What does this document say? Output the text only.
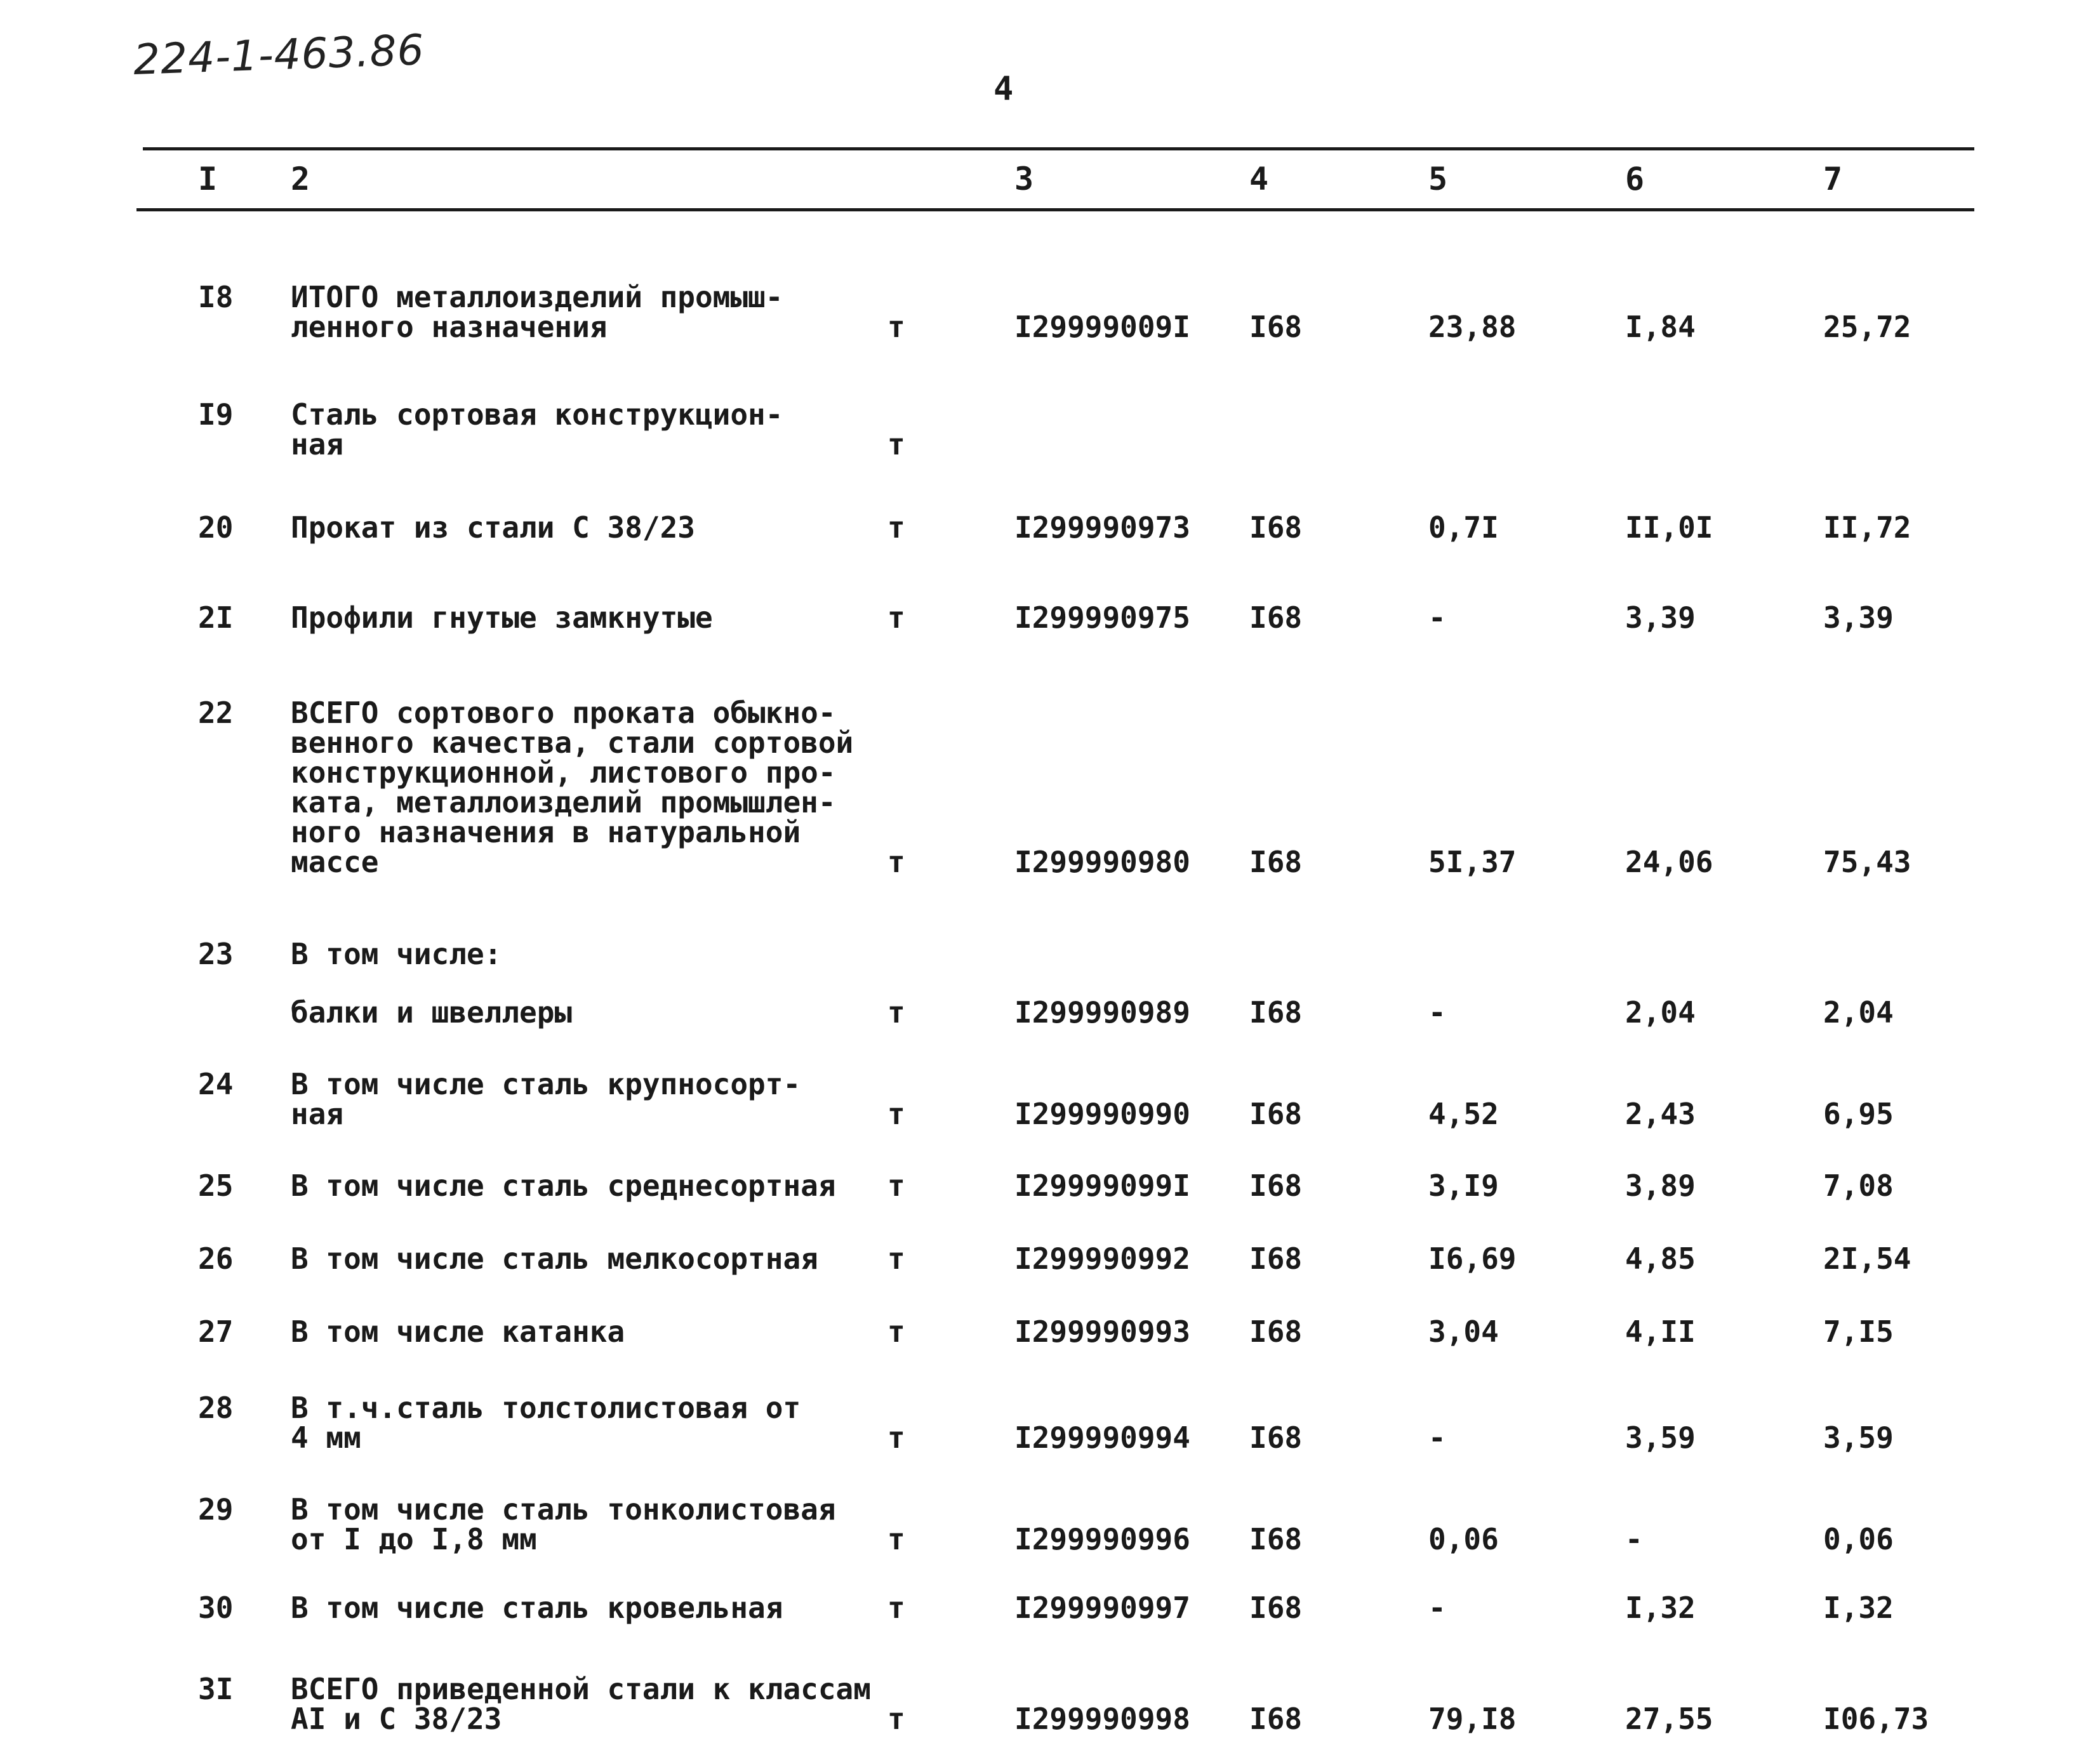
224-1-463.86
4
I 2	3	4	5	6	7
I8 ИТОГО металлоизделий промыш-
ленного назначения	т	I29999009I I68	23,88	I,84	25,72
I9 Сталь сортовая конструкцион-
ная	т
20 Прокат из стали С 38/23	т	I299990973 I68	0,7I	II,0I	II,72
2I Профили гнутые замкнутые	т	I299990975 I68	-	3,39	3,39
22 ВСЕГО сортового проката обыкно-
венного качества, стали сортовой
конструкционной, листового про-
ката, металлоизделий промышлен-
ного назначения в натуральной
массе	т	I299990980 I68	5I,37	24,06	75,43
23 В том числе:
балки и швеллеры	т	I299990989 I68	-	2,04	2,04
24 В том числе сталь крупносорт-
ная	т	I299990990 I68	4,52	2,43	6,95
25 В том числе сталь среднесортная т	I29999099I I68	3,I9	3,89	7,08
26 В том числе сталь мелкосортная т	I299990992 I68	I6,69	4,85	2I,54
27 В том числе катанка	т	I299990993 I68	3,04	4,II	7,I5
28 В т.ч.сталь толстолистовая от
4 мм	т	I299990994 I68	-	3,59	3,59
29 В том числе сталь тонколистовая
от I до I,8 мм	т	I299990996 I68	0,06	-	0,06
30 В том числе сталь кровельная	т	I299990997 I68	-	I,32	I,32
3I ВСЕГО приведенной стали к классам
АI и С 38/23	т	I299990998 I68	79,I8	27,55	I06,73
